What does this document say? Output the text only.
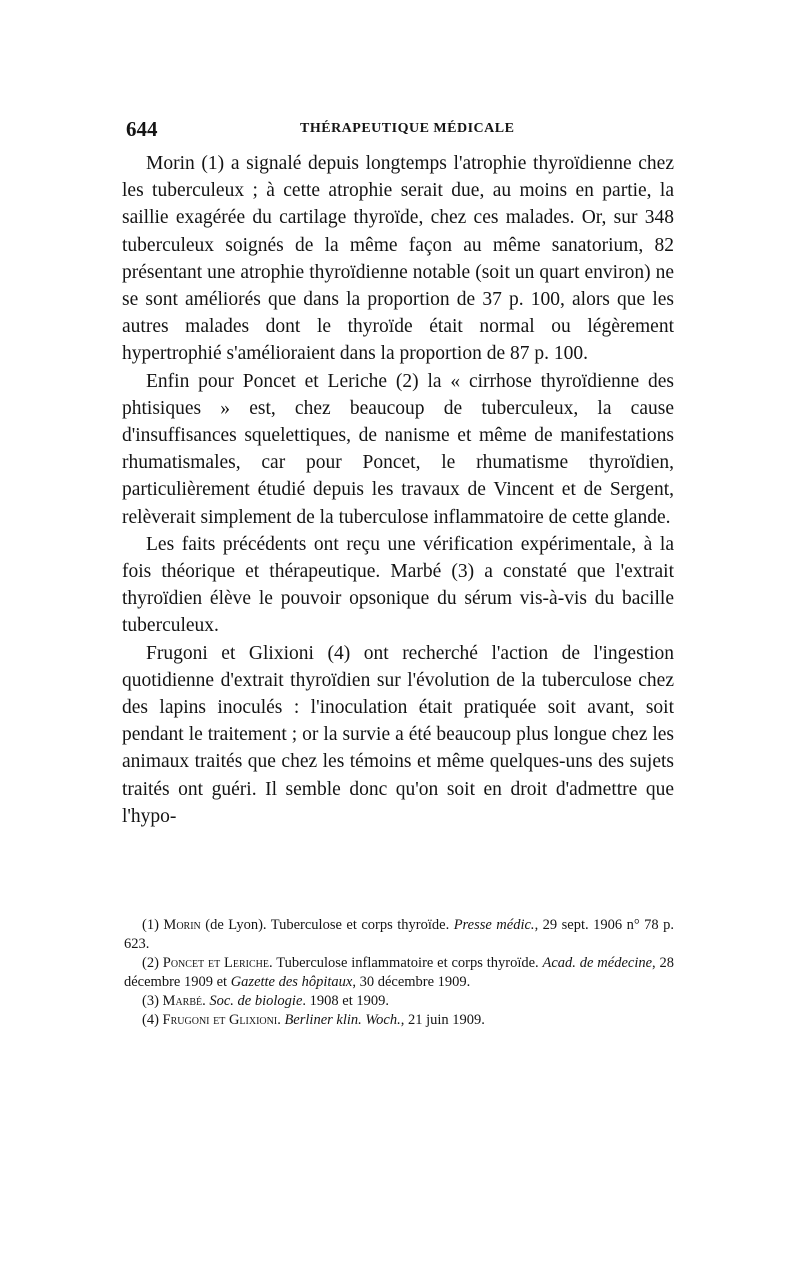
644	THÉRAPEUTIQUE MÉDICALE

Morin (1) a signalé depuis longtemps l'atrophie thyroïdienne chez les tuberculeux ; à cette atrophie serait due, au moins en partie, la saillie exagérée du cartilage thyroïde, chez ces malades. Or, sur 348 tuberculeux soignés de la même façon au même sanatorium, 82 présentant une atrophie thyroïdienne notable (soit un quart environ) ne se sont améliorés que dans la proportion de 37 p. 100, alors que les autres malades dont le thyroïde était normal ou légèrement hypertrophié s'amélioraient dans la proportion de 87 p. 100.

Enfin pour Poncet et Leriche (2) la « cirrhose thyroïdienne des phtisiques » est, chez beaucoup de tuberculeux, la cause d'insuffisances squelettiques, de nanisme et même de manifestations rhumatismales, car pour Poncet, le rhumatisme thyroïdien, particulièrement étudié depuis les travaux de Vincent et de Sergent, relèverait simplement de la tuberculose inflammatoire de cette glande.

Les faits précédents ont reçu une vérification expérimentale, à la fois théorique et thérapeutique. Marbé (3) a constaté que l'extrait thyroïdien élève le pouvoir opsonique du sérum vis-à-vis du bacille tuberculeux.

Frugoni et Glixioni (4) ont recherché l'action de l'ingestion quotidienne d'extrait thyroïdien sur l'évolution de la tuberculose chez des lapins inoculés : l'inoculation était pratiquée soit avant, soit pendant le traitement ; or la survie a été beaucoup plus longue chez les animaux traités que chez les témoins et même quelques-uns des sujets traités ont guéri. Il semble donc qu'on soit en droit d'admettre que l'hypo-

(1) Morin (de Lyon). Tuberculose et corps thyroïde. Presse médic., 29 sept. 1906 n° 78 p. 623.

(2) Poncet et Leriche. Tuberculose inflammatoire et corps thyroïde. Acad. de médecine, 28 décembre 1909 et Gazette des hôpitaux, 30 décembre 1909.

(3) Marbé. Soc. de biologie. 1908 et 1909.

(4) Frugoni et Glixioni. Berliner klin. Woch., 21 juin 1909.
